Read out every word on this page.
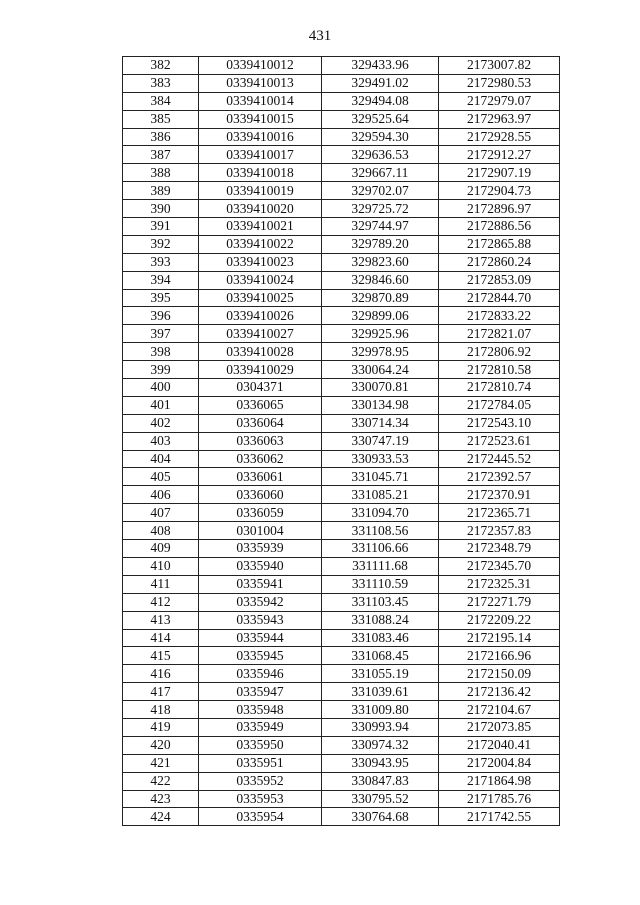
431
382	0339410012	329433.96	2173007.82
383	0339410013	329491.02	2172980.53
384	0339410014	329494.08	2172979.07
385	0339410015	329525.64	2172963.97
386	0339410016	329594.30	2172928.55
387	0339410017	329636.53	2172912.27
388	0339410018	329667.11	2172907.19
389	0339410019	329702.07	2172904.73
390	0339410020	329725.72	2172896.97
391	0339410021	329744.97	2172886.56
392	0339410022	329789.20	2172865.88
393	0339410023	329823.60	2172860.24
394	0339410024	329846.60	2172853.09
395	0339410025	329870.89	2172844.70
396	0339410026	329899.06	2172833.22
397	0339410027	329925.96	2172821.07
398	0339410028	329978.95	2172806.92
399	0339410029	330064.24	2172810.58
400	0304371	330070.81	2172810.74
401	0336065	330134.98	2172784.05
402	0336064	330714.34	2172543.10
403	0336063	330747.19	2172523.61
404	0336062	330933.53	2172445.52
405	0336061	331045.71	2172392.57
406	0336060	331085.21	2172370.91
407	0336059	331094.70	2172365.71
408	0301004	331108.56	2172357.83
409	0335939	331106.66	2172348.79
410	0335940	331111.68	2172345.70
411	0335941	331110.59	2172325.31
412	0335942	331103.45	2172271.79
413	0335943	331088.24	2172209.22
414	0335944	331083.46	2172195.14
415	0335945	331068.45	2172166.96
416	0335946	331055.19	2172150.09
417	0335947	331039.61	2172136.42
418	0335948	331009.80	2172104.67
419	0335949	330993.94	2172073.85
420	0335950	330974.32	2172040.41
421	0335951	330943.95	2172004.84
422	0335952	330847.83	2171864.98
423	0335953	330795.52	2171785.76
424	0335954	330764.68	2171742.55
